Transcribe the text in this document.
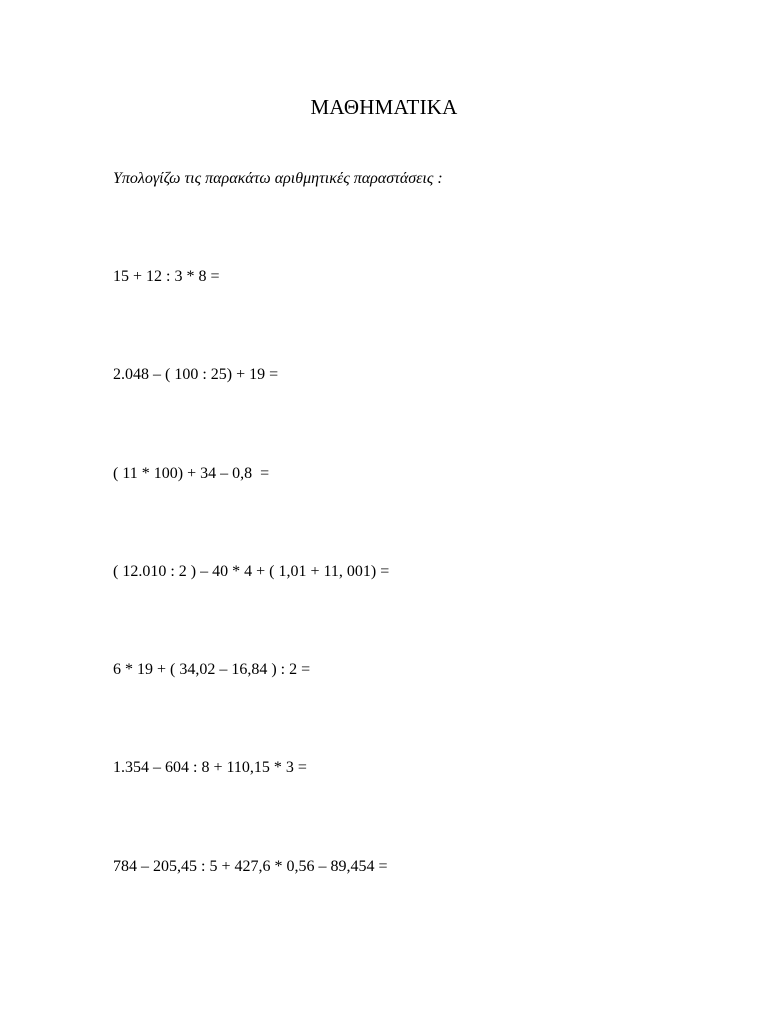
ΜΑΘΗΜΑΤΙΚΑ
Υπολογίζω τις παρακάτω αριθμητικές παραστάσεις :
15 + 12 : 3 * 8 =
2.048 – ( 100 : 25) + 19 =
( 11 * 100) + 34 – 0,8  =
( 12.010 : 2 ) – 40 * 4 + ( 1,01 + 11, 001) =
6 * 19 + ( 34,02 – 16,84 ) : 2 =
1.354 – 604 : 8 + 110,15 * 3 =
784 – 205,45 : 5 + 427,6 * 0,56 – 89,454 =
